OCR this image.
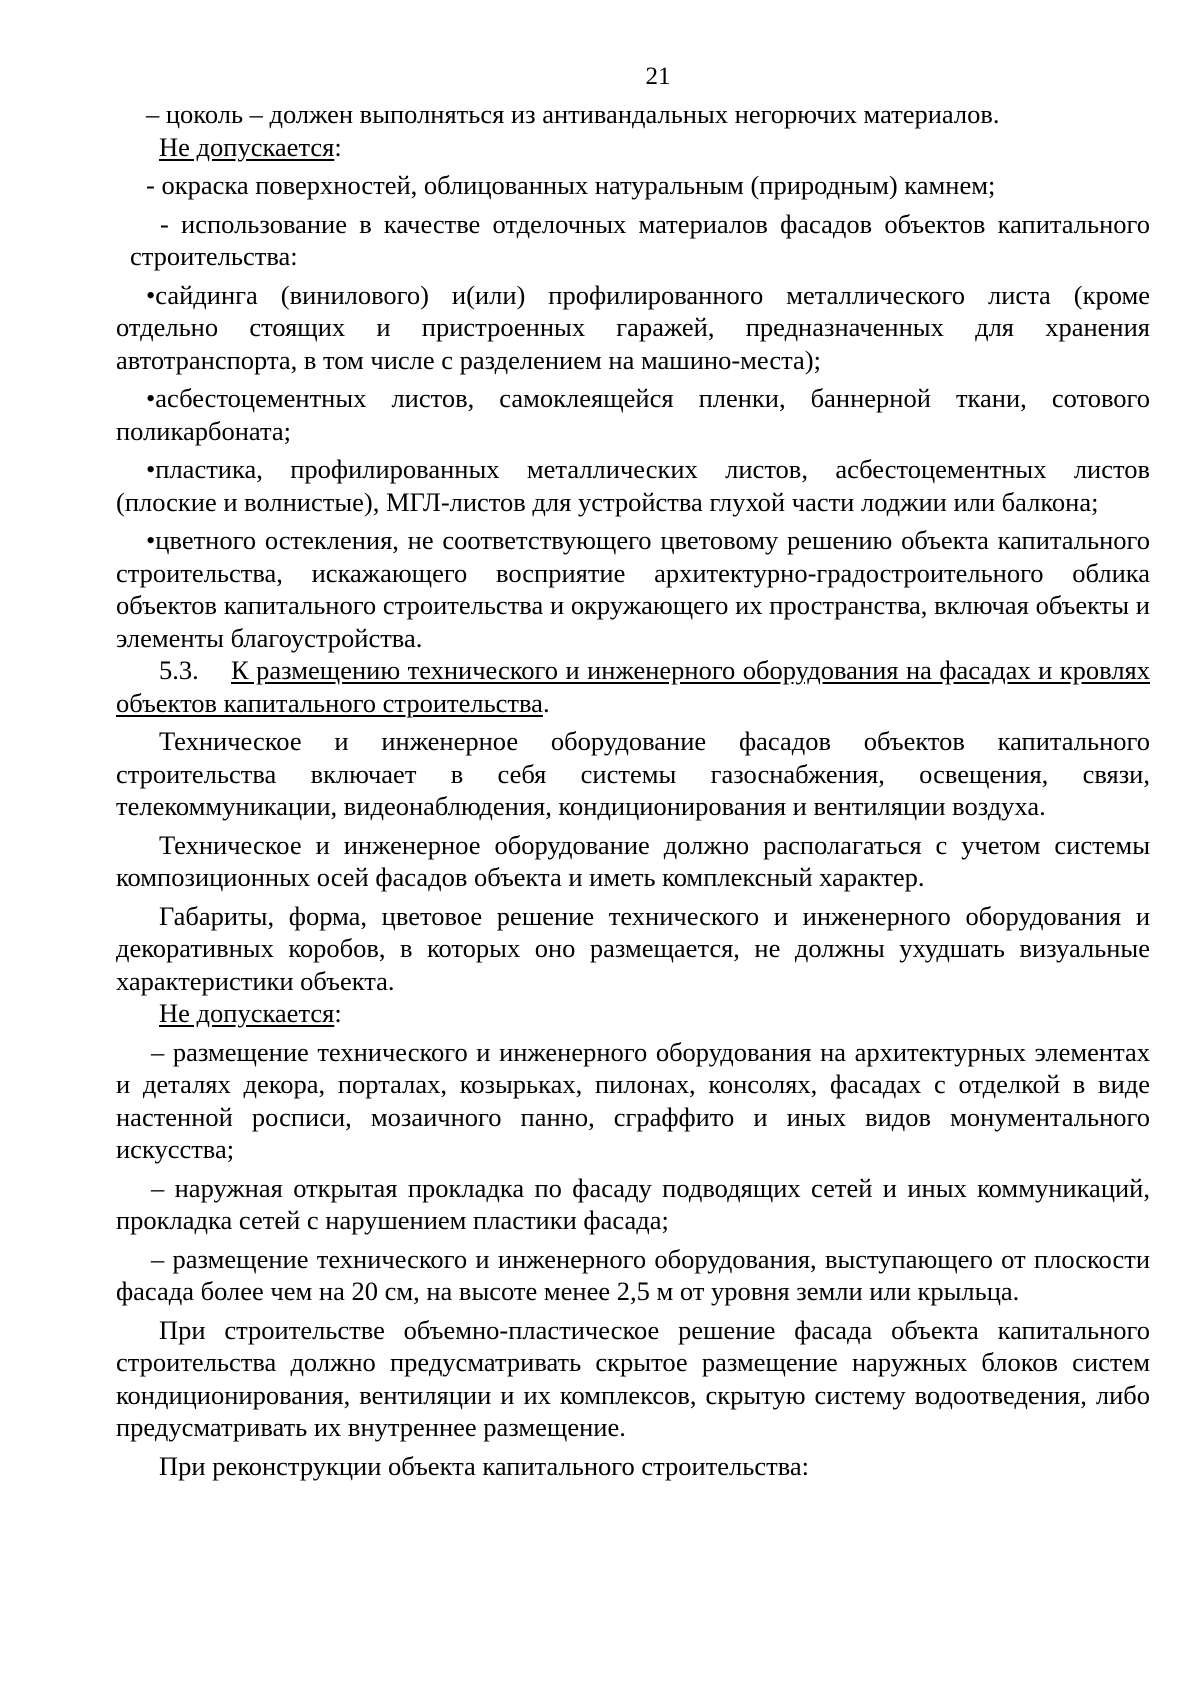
21

– цоколь – должен выполняться из антивандальных негорючих материалов.

Не допускается:

- окраска поверхностей, облицованных натуральным (природным) камнем;

- использование в качестве отделочных материалов фасадов объектов капитального строительства:

•сайдинга (винилового) и(или) профилированного металлического листа (кроме отдельно стоящих и пристроенных гаражей, предназначенных для хранения автотранспорта, в том числе с разделением на машино-места);

•асбестоцементных листов, самоклеящейся пленки, баннерной ткани, сотового поликарбоната;

•пластика, профилированных металлических листов, асбестоцементных листов (плоские и волнистые), МГЛ-листов для устройства глухой части лоджии или балкона;

•цветного остекления, не соответствующего цветовому решению объекта капитального строительства, искажающего восприятие архитектурно-градостроительного облика объектов капитального строительства и окружающего их пространства, включая объекты и элементы благоустройства.

5.3. К размещению технического и инженерного оборудования на фасадах и кровлях объектов капитального строительства.

Техническое и инженерное оборудование фасадов объектов капитального строительства включает в себя системы газоснабжения, освещения, связи, телекоммуникации, видеонаблюдения, кондиционирования и вентиляции воздуха.

Техническое и инженерное оборудование должно располагаться с учетом системы композиционных осей фасадов объекта и иметь комплексный характер.

Габариты, форма, цветовое решение технического и инженерного оборудования и декоративных коробов, в которых оно размещается, не должны ухудшать визуальные характеристики объекта.

Не допускается:

– размещение технического и инженерного оборудования на архитектурных элементах и деталях декора, порталах, козырьках, пилонах, консолях, фасадах с отделкой в виде настенной росписи, мозаичного панно, сграффито и иных видов монументального искусства;

– наружная открытая прокладка по фасаду подводящих сетей и иных коммуникаций, прокладка сетей с нарушением пластики фасада;

– размещение технического и инженерного оборудования, выступающего от плоскости фасада более чем на 20 см, на высоте менее 2,5 м от уровня земли или крыльца.

При строительстве объемно-пластическое решение фасада объекта капитального строительства должно предусматривать скрытое размещение наружных блоков систем кондиционирования, вентиляции и их комплексов, скрытую систему водоотведения, либо предусматривать их внутреннее размещение.

При реконструкции объекта капитального строительства:
